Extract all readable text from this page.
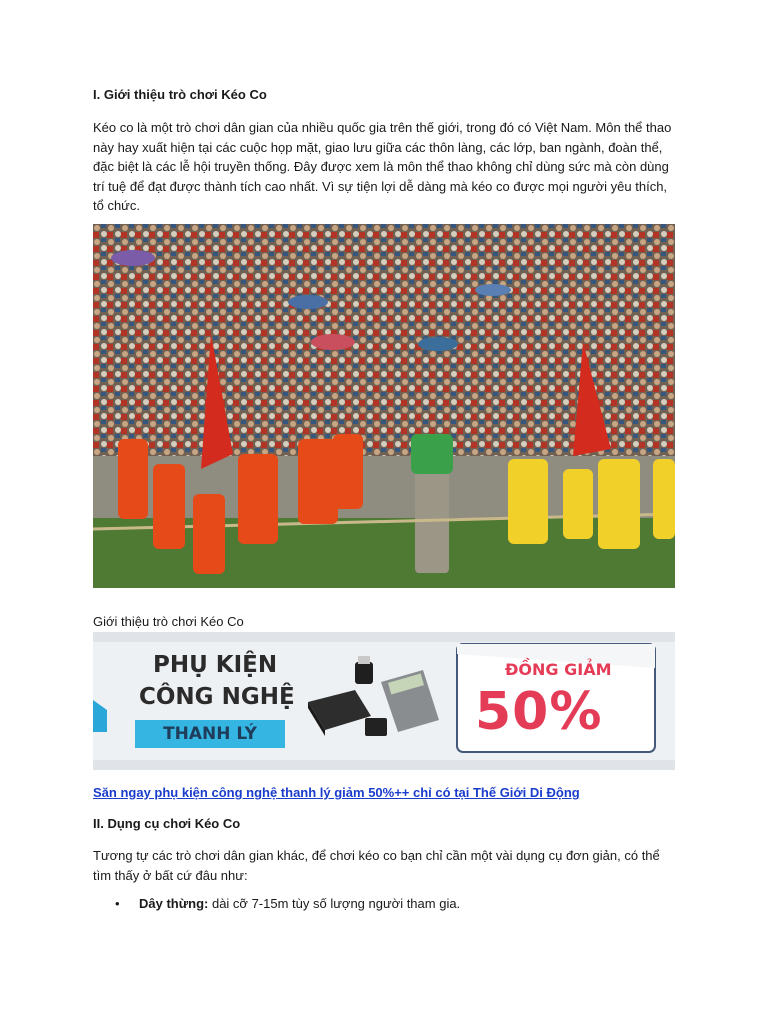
I. Giới thiệu trò chơi Kéo Co

Kéo co là một trò chơi dân gian của nhiều quốc gia trên thế giới, trong đó có Việt Nam. Môn thể thao này hay xuất hiện tại các cuộc họp mặt, giao lưu giữa các thôn làng, các lớp, ban ngành, đoàn thể, đặc biệt là các lễ hội truyền thống. Đây được xem là môn thể thao không chỉ dùng sức mà còn dùng trí tuệ để đạt được thành tích cao nhất. Vì sự tiện lợi dễ dàng mà kéo co được mọi người yêu thích, tổ chức.

Giới thiệu trò chơi Kéo Co

PHỤ KIỆN
CÔNG NGHỆ
THANH LÝ
ĐỒNG GIẢM
50%
Săn ngay phụ kiện công nghệ thanh lý giảm 50%++ chỉ có tại Thế Giới Di Động

II. Dụng cụ chơi Kéo Co

Tương tự các trò chơi dân gian khác, để chơi kéo co bạn chỉ cần một vài dụng cụ đơn giản, có thể tìm thấy ở bất cứ đâu như:

• Dây thừng: dài cỡ 7-15m tùy số lượng người tham gia.
